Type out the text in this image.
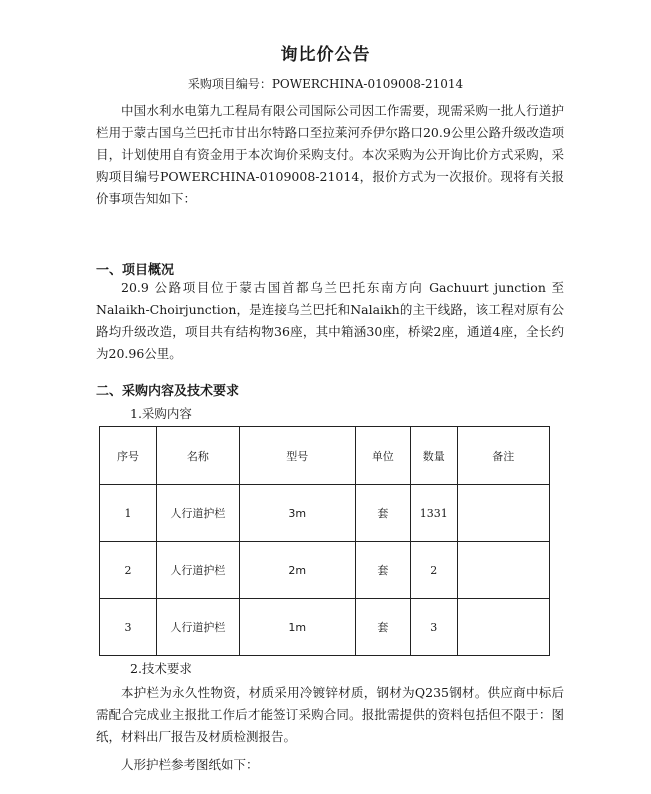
询比价公告
采购项目编号：POWERCHINA-0109008-21014

中国水利水电第九工程局有限公司国际公司因工作需要，现需采购一批人行道护栏用于蒙古国乌兰巴托市甘出尔特路口至拉莱河乔伊尔路口20.9公里公路升级改造项目，计划使用自有资金用于本次询价采购支付。本次采购为公开询比价方式采购，采购项目编号POWERCHINA-0109008-21014，报价方式为一次报价。现将有关报价事项告知如下：

一、项目概况

20.9 公路项目位于蒙古国首都乌兰巴托东南方向 Gachuurt junction 至Nalaikh-Choirjunction，是连接乌兰巴托和Nalaikh的主干线路，该工程对原有公路均升级改造，项目共有结构物36座，其中箱涵30座，桥梁2座，通道4座，全长约为20.96公里。

二、采购内容及技术要求
1.采购内容
序号	名称	型号	单位	数量	备注
1	人行道护栏	3m	套	1331	
2	人行道护栏	2m	套	2	
3	人行道护栏	1m	套	3	
2.技术要求

本护栏为永久性物资，材质采用冷镀锌材质，钢材为Q235钢材。供应商中标后需配合完成业主报批工作后才能签订采购合同。报批需提供的资料包括但不限于：图纸，材料出厂报告及材质检测报告。

人形护栏参考图纸如下：
